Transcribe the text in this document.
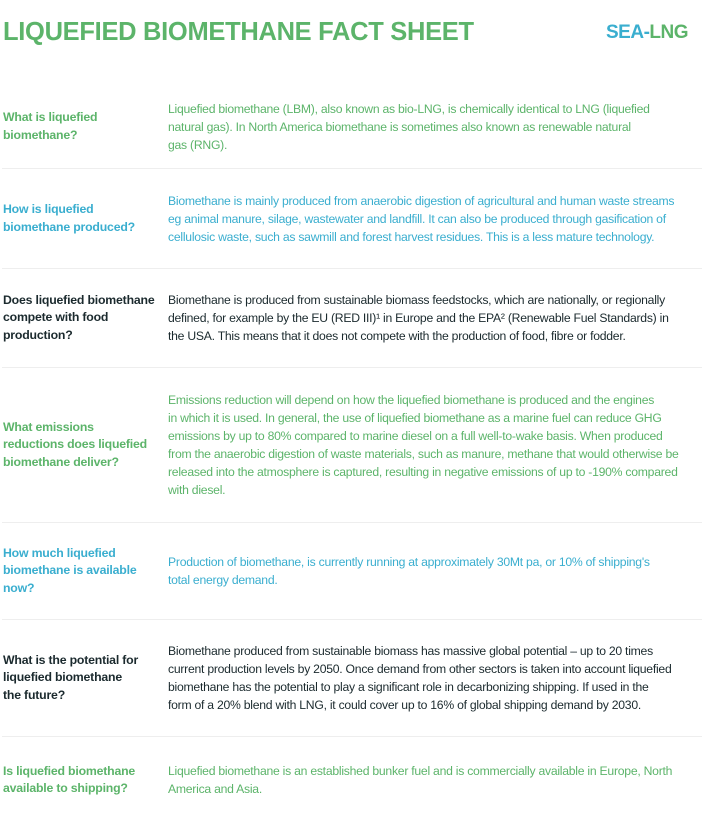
LIQUEFIED BIOMETHANE FACT SHEET	SEA-LNG
What is liquefied biomethane?
Liquefied biomethane (LBM), also known as bio-LNG, is chemically identical to LNG (liquefied
natural gas). In North America biomethane is sometimes also known as renewable natural
gas (RNG).
How is liquefied biomethane produced?
Biomethane is mainly produced from anaerobic digestion of agricultural and human waste streams
eg animal manure, silage, wastewater and landfill. It can also be produced through gasification of
cellulosic waste, such as sawmill and forest harvest residues. This is a less mature technology.
Does liquefied biomethane compete with food production?
Biomethane is produced from sustainable biomass feedstocks, which are nationally, or regionally
defined, for example by the EU (RED III)¹ in Europe and the EPA² (Renewable Fuel Standards) in
the USA. This means that it does not compete with the production of food, fibre or fodder.
What emissions reductions does liquefied biomethane deliver?
Emissions reduction will depend on how the liquefied biomethane is produced and the engines
in which it is used. In general, the use of liquefied biomethane as a marine fuel can reduce GHG
emissions by up to 80% compared to marine diesel on a full well-to-wake basis. When produced
from the anaerobic digestion of waste materials, such as manure, methane that would otherwise be
released into the atmosphere is captured, resulting in negative emissions of up to -190% compared
with diesel.
How much liquefied biomethane is available now?
Production of biomethane, is currently running at approximately 30Mt pa, or 10% of shipping's
total energy demand.
What is the potential for liquefied biomethane the future?
Biomethane produced from sustainable biomass has massive global potential – up to 20 times
current production levels by 2050. Once demand from other sectors is taken into account liquefied
biomethane has the potential to play a significant role in decarbonizing shipping. If used in the
form of a 20% blend with LNG, it could cover up to 16% of global shipping demand by 2030.
Is liquefied biomethane available to shipping?
Liquefied biomethane is an established bunker fuel and is commercially available in Europe, North
America and Asia.
